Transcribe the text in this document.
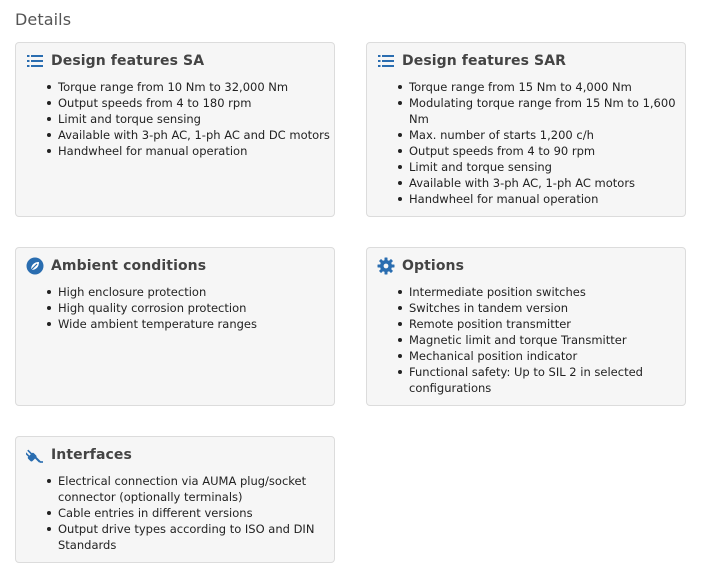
Details
Design features SA
Torque range from 10 Nm to 32,000 Nm
Output speeds from 4 to 180 rpm
Limit and torque sensing
Available with 3-ph AC, 1-ph AC and DC motors
Handwheel for manual operation
Design features SAR
Torque range from 15 Nm to 4,000 Nm
Modulating torque range from 15 Nm to 1,600
Nm
Max. number of starts 1,200 c/h
Output speeds from 4 to 90 rpm
Limit and torque sensing
Available with 3-ph AC, 1-ph AC motors
Handwheel for manual operation
Ambient conditions
High enclosure protection
High quality corrosion protection
Wide ambient temperature ranges
Options
Intermediate position switches
Switches in tandem version
Remote position transmitter
Magnetic limit and torque Transmitter
Mechanical position indicator
Functional safety: Up to SIL 2 in selected
configurations
Interfaces
Electrical connection via AUMA plug/socket
connector (optionally terminals)
Cable entries in different versions
Output drive types according to ISO and DIN
Standards
